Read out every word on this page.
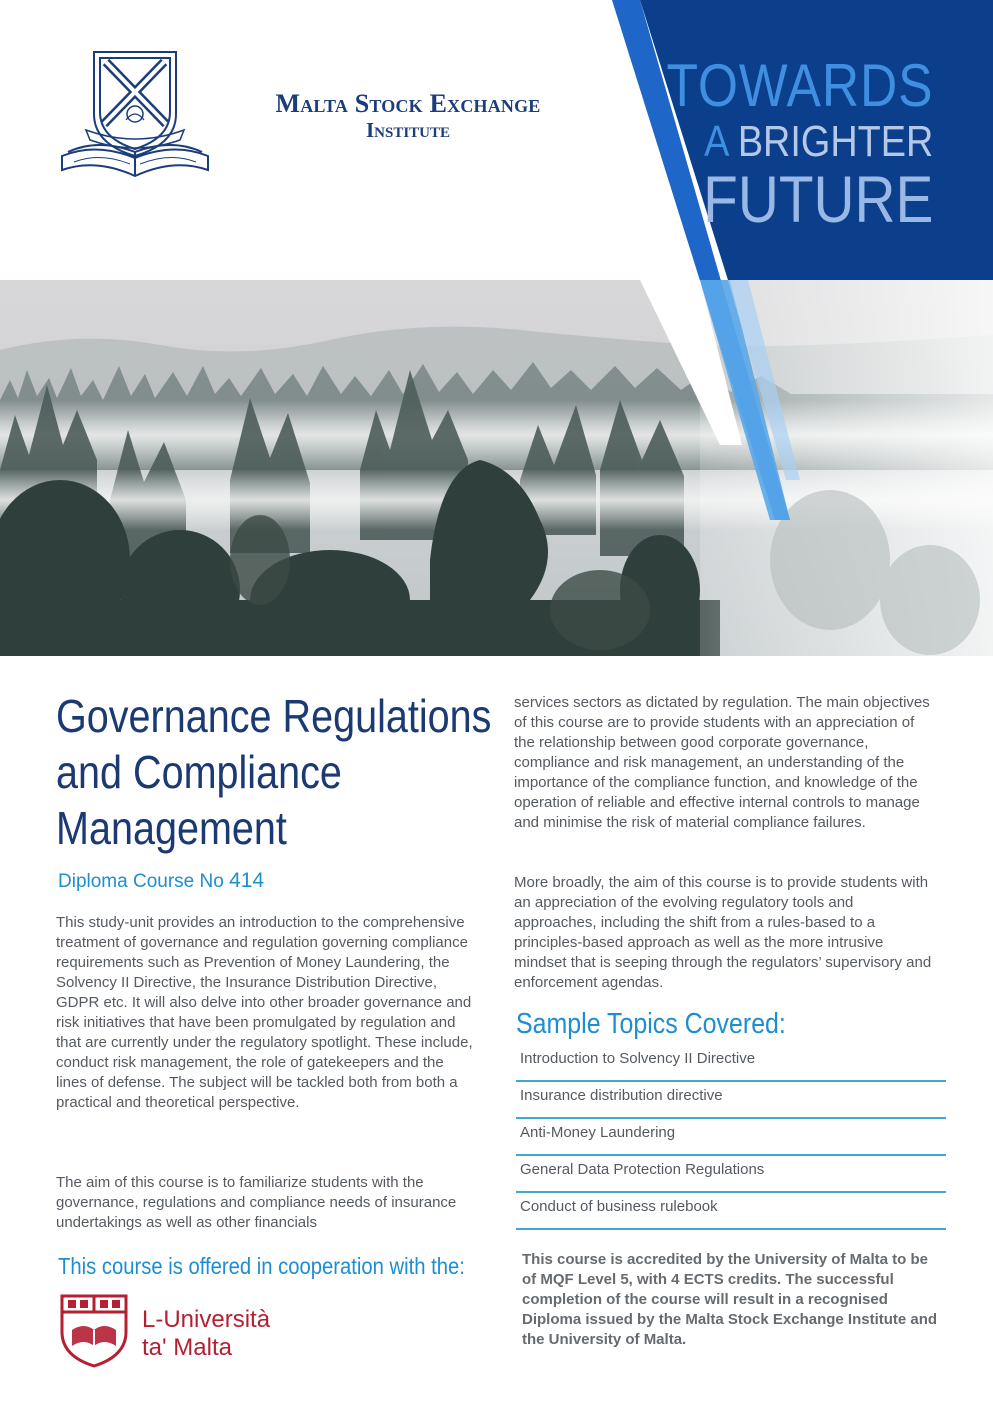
Malta Stock Exchange
Institute
TOWARDS
A BRIGHTER
FUTURE
Governance Regulations
and Compliance
Management
Diploma Course No 414

This study-unit provides an introduction to the comprehensive treatment of governance and regulation governing compliance requirements such as Prevention of Money Laundering, the Solvency II Directive, the Insurance Distribution Directive, GDPR etc. It will also delve into other broader governance and risk initiatives that have been promulgated by regulation and that are currently under the regulatory spotlight. These include, conduct risk management, the role of gatekeepers and the lines of defense. The subject will be tackled both from both a practical and theoretical perspective.

The aim of this course is to familiarize students with the governance, regulations and compliance needs of insurance undertakings as well as other financials

This course is offered in cooperation with the:
L-Università
ta' Malta

services sectors as dictated by regulation. The main objectives of this course are to provide students with an appreciation of the relationship between good corporate governance, compliance and risk management, an understanding of the importance of the compliance function, and knowledge of the operation of reliable and effective internal controls to manage and minimise the risk of material compliance failures.

More broadly, the aim of this course is to provide students with an appreciation of the evolving regulatory tools and approaches, including the shift from a rules-based to a principles-based approach as well as the more intrusive mindset that is seeping through the regulators’ supervisory and enforcement agendas.

Sample Topics Covered:
Introduction to Solvency II Directive
Insurance distribution directive
Anti-Money Laundering
General Data Protection Regulations
Conduct of business rulebook

This course is accredited by the University of Malta to be of MQF Level 5, with 4 ECTS credits. The successful completion of the course will result in a recognised Diploma issued by the Malta Stock Exchange Institute and the University of Malta.
